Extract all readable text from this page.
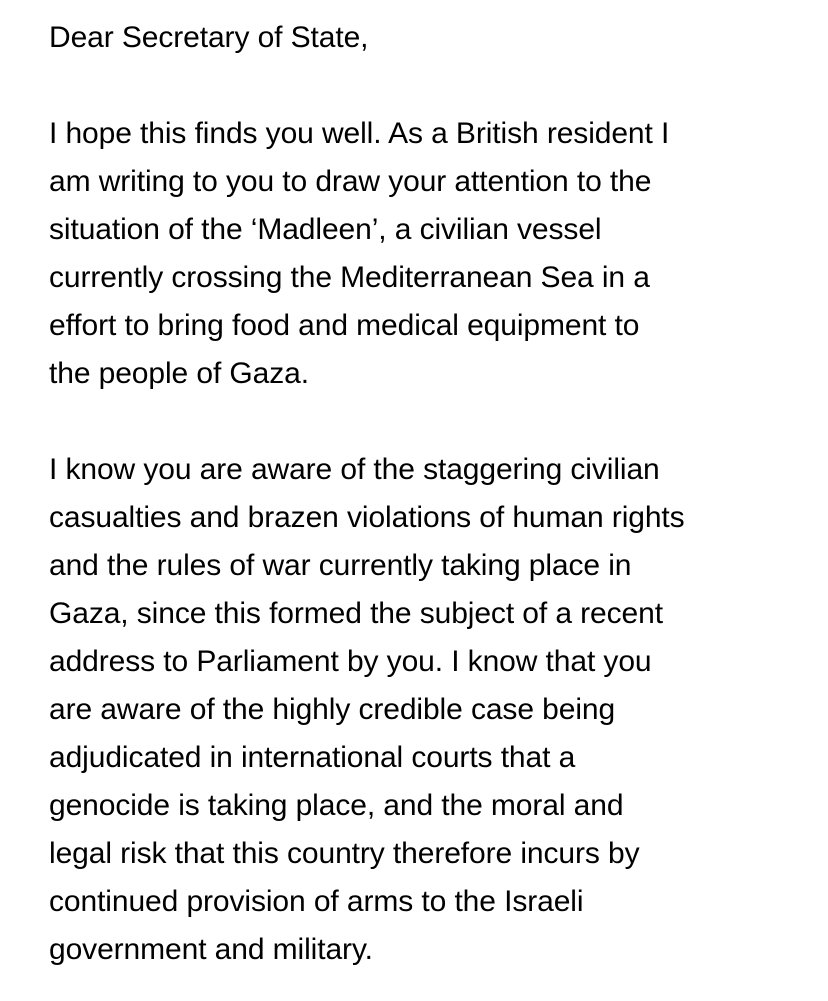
Dear Secretary of State,
I hope this finds you well. As a British resident I
am writing to you to draw your attention to the
situation of the ‘Madleen’, a civilian vessel
currently crossing the Mediterranean Sea in a
effort to bring food and medical equipment to
the people of Gaza.
I know you are aware of the staggering civilian
casualties and brazen violations of human rights
and the rules of war currently taking place in
Gaza, since this formed the subject of a recent
address to Parliament by you. I know that you
are aware of the highly credible case being
adjudicated in international courts that a
genocide is taking place, and the moral and
legal risk that this country therefore incurs by
continued provision of arms to the Israeli
government and military.
